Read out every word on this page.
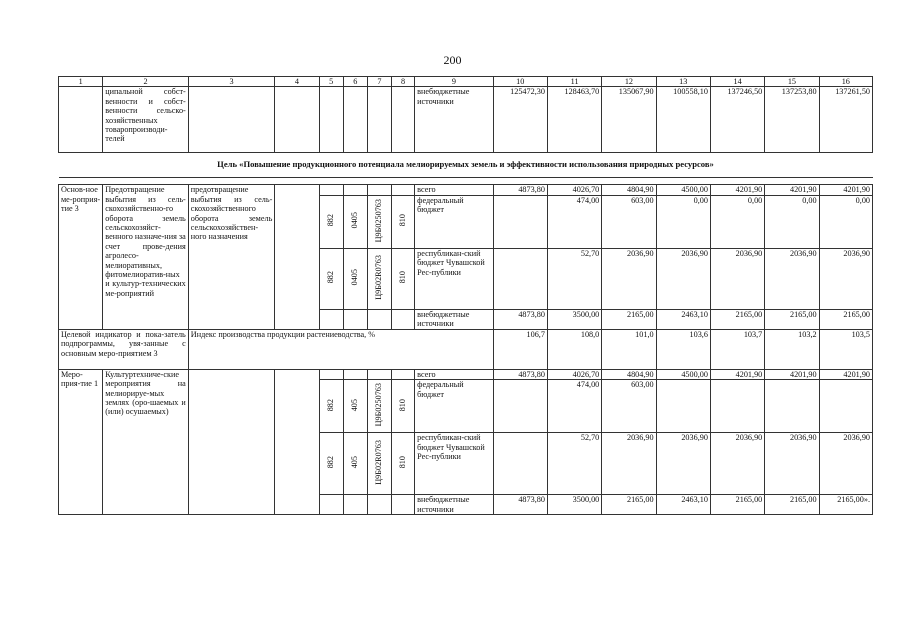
200
1	2	3	4	5	6	7	8	9	10	11	12	13	14	15	16
	ципальной собст-венности и собст-венности сельско-хозяйственных товаропроизводи-телей							внебюджетные источники	125472,30	128463,70	135067,90	100558,10	137246,50	137253,80	137261,50
Цель «Повышение продукционного потенциала мелиорируемых земель и эффективности использования природных ресурсов»															

Основ-ное ме-роприя-тие 3	Предотвращение выбытия из сель-скохозяйственно-го оборота земель сельскохозяйст-венного назначе-ния за счет прове-дения агролесо-мелиоративных, фитомелиоратив-ных и культур-технических ме-роприятий	предотвращение выбытия из сель-скохозяйственного оборота земель сельскохозяйствен-ного назначения						всего	4873,80	4026,70	4804,90	4500,00	4201,90	4201,90	4201,90
				882	0405	Ц9Б0250763	810	федеральный бюджет		474,00	603,00	0,00	0,00	0,00	0,00
				882	0405	Ц9Б02R0763	810	республикан-ский бюджет Чувашской Рес-публики		52,70	2036,90	2036,90	2036,90	2036,90	2036,90
								внебюджетные источники	4873,80	3500,00	2165,00	2463,10	2165,00	2165,00	2165,00
Целевой индикатор и пока-затель подпрограммы, увя-занные с основным меро-приятием 3		Индекс производства продукции растениеводства, %							106,7	108,0	101,0	103,6	103,7	103,2	103,5
Меро-прия-тие 1	Культуртехниче-ские мероприятия на мелиорируе-мых землях (оро-шаемых и (или) осушаемых)							всего	4873,80	4026,70	4804,90	4500,00	4201,90	4201,90	4201,90
				882	405	Ц9Б0250763	810	федеральный бюджет		474,00	603,00				
				882	405	Ц9Б02R0763	810	республикан-ский бюджет Чувашской Рес-публики		52,70	2036,90	2036,90	2036,90	2036,90	2036,90
								внебюджетные источники	4873,80	3500,00	2165,00	2463,10	2165,00	2165,00	2165,00».
